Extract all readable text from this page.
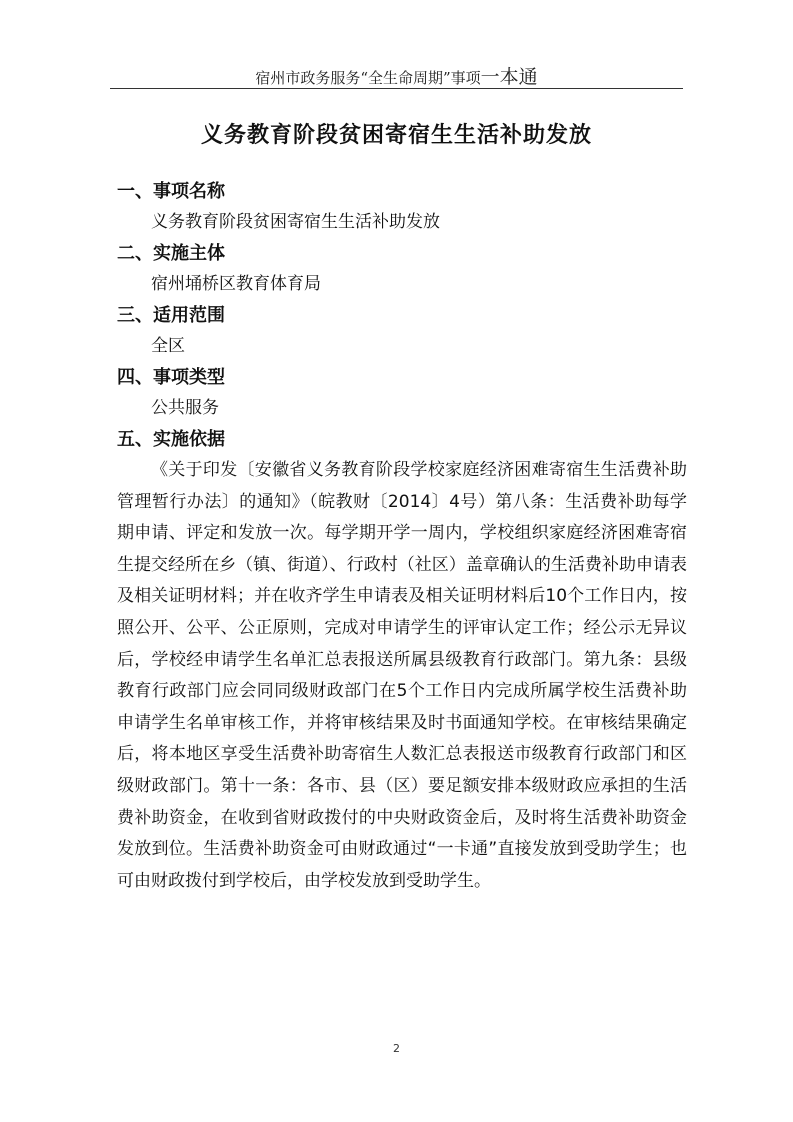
宿州市政务服务“全生命周期”事项一本通
义务教育阶段贫困寄宿生生活补助发放
一、事项名称
义务教育阶段贫困寄宿生生活补助发放
二、实施主体
宿州埇桥区教育体育局
三、适用范围
全区
四、事项类型
公共服务
五、实施依据

《关于印发〔安徽省义务教育阶段学校家庭经济困难寄宿生生活费补助管理暂行办法〕的通知》（皖教财〔2014〕4号）第八条：生活费补助每学期申请、评定和发放一次。每学期开学一周内，学校组织家庭经济困难寄宿生提交经所在乡（镇、街道）、行政村（社区）盖章确认的生活费补助申请表及相关证明材料；并在收齐学生申请表及相关证明材料后10个工作日内，按照公开、公平、公正原则，完成对申请学生的评审认定工作；经公示无异议后，学校经申请学生名单汇总表报送所属县级教育行政部门。第九条：县级教育行政部门应会同同级财政部门在5个工作日内完成所属学校生活费补助申请学生名单审核工作，并将审核结果及时书面通知学校。在审核结果确定后，将本地区享受生活费补助寄宿生人数汇总表报送市级教育行政部门和区级财政部门。第十一条：各市、县（区）要足额安排本级财政应承担的生活费补助资金，在收到省财政拨付的中央财政资金后，及时将生活费补助资金发放到位。生活费补助资金可由财政通过“一卡通”直接发放到受助学生；也可由财政拨付到学校后，由学校发放到受助学生。

2
